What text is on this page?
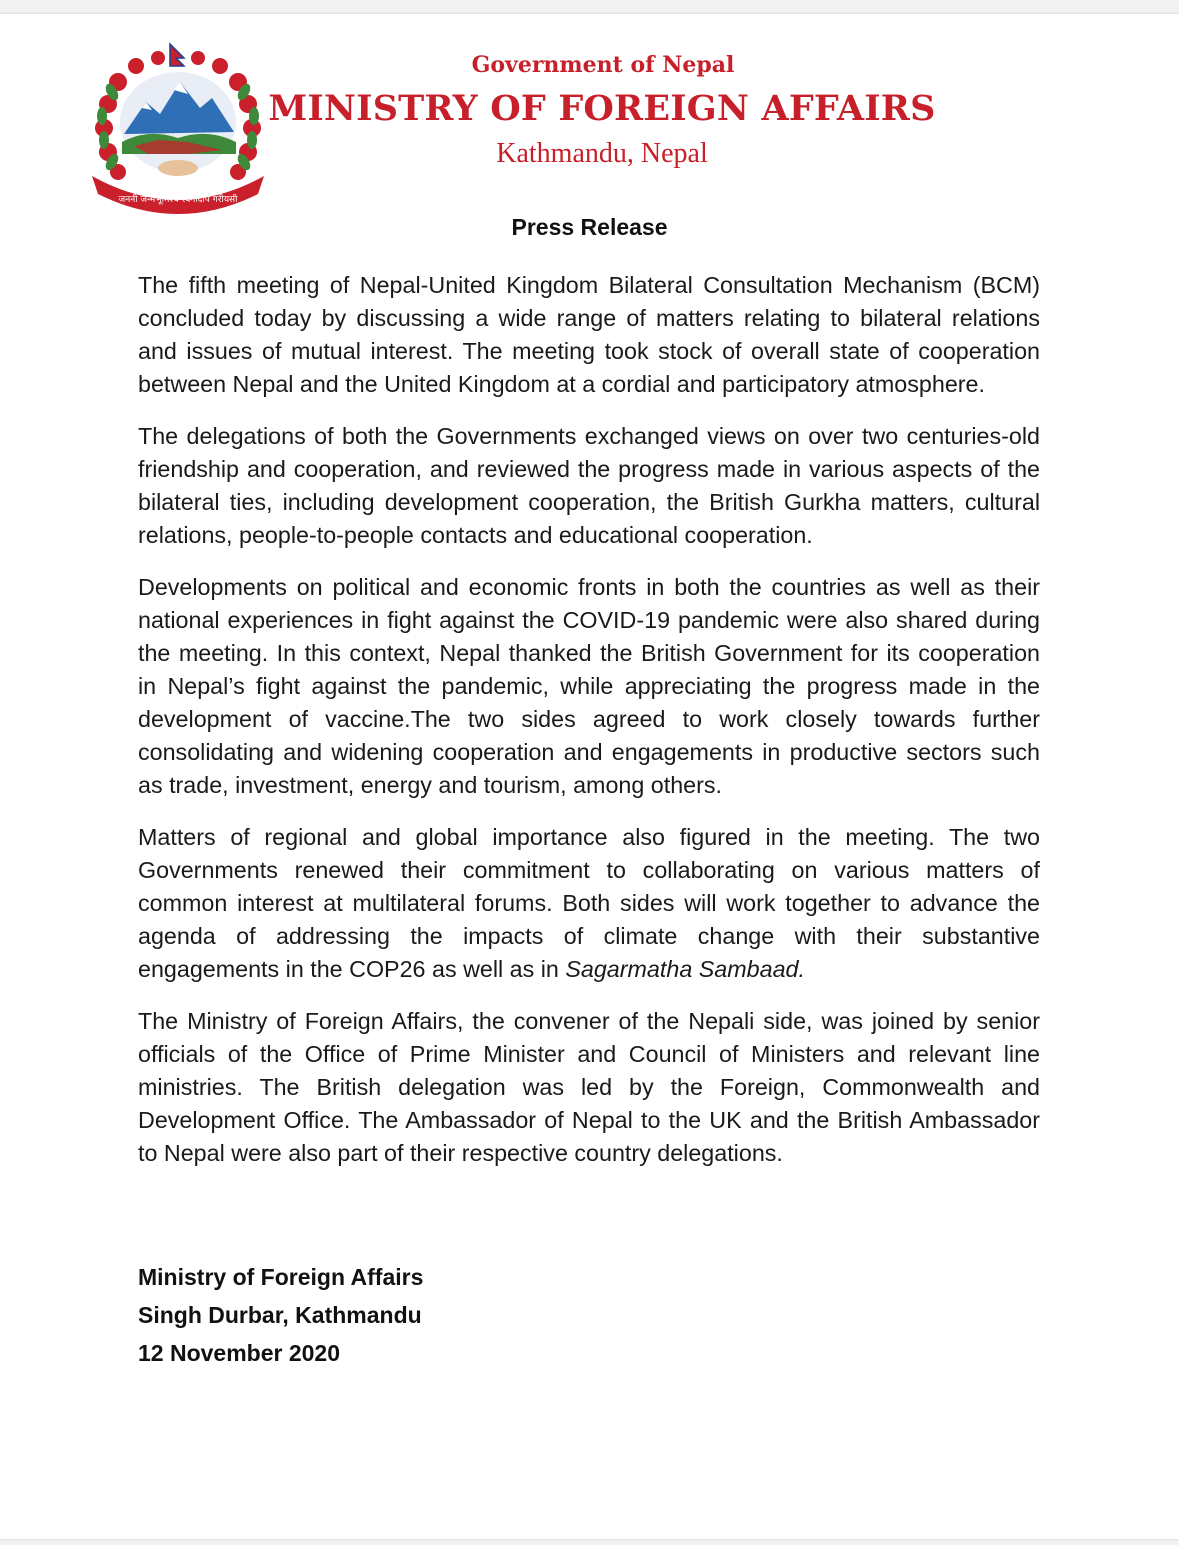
जननी जन्मभूमिश्च स्वर्गादपि गरीयसी
Government of Nepal
MINISTRY OF FOREIGN AFFAIRS
Kathmandu, Nepal
Press Release

The fifth meeting of Nepal-United Kingdom Bilateral Consultation Mechanism (BCM) concluded today by discussing a wide range of matters relating to bilateral relations and issues of mutual interest. The meeting took stock of overall state of cooperation between Nepal and the United Kingdom at a cordial and participatory atmosphere.

The delegations of both the Governments exchanged views on over two centuries-old friendship and cooperation, and reviewed the progress made in various aspects of the bilateral ties, including development cooperation, the British Gurkha matters, cultural relations, people-to-people contacts and educational cooperation.

Developments on political and economic fronts in both the countries as well as their national experiences in fight against the COVID-19 pandemic were also shared during the meeting. In this context, Nepal thanked the British Government for its cooperation in Nepal’s fight against the pandemic, while appreciating the progress made in the development of vaccine.The two sides agreed to work closely towards further consolidating and widening cooperation and engagements in productive sectors such as trade, investment, energy and tourism, among others.

Matters of regional and global importance also figured in the meeting. The two Governments renewed their commitment to collaborating on various matters of common interest at multilateral forums. Both sides will work together to advance the agenda of addressing the impacts of climate change with their substantive engagements in the COP26 as well as in Sagarmatha Sambaad.

The Ministry of Foreign Affairs, the convener of the Nepali side, was joined by senior officials of the Office of Prime Minister and Council of Ministers and relevant line ministries. The British delegation was led by the Foreign, Commonwealth and Development Office. The Ambassador of Nepal to the UK and the British Ambassador to Nepal were also part of their respective country delegations.

Ministry of Foreign Affairs
Singh Durbar, Kathmandu
12 November 2020
